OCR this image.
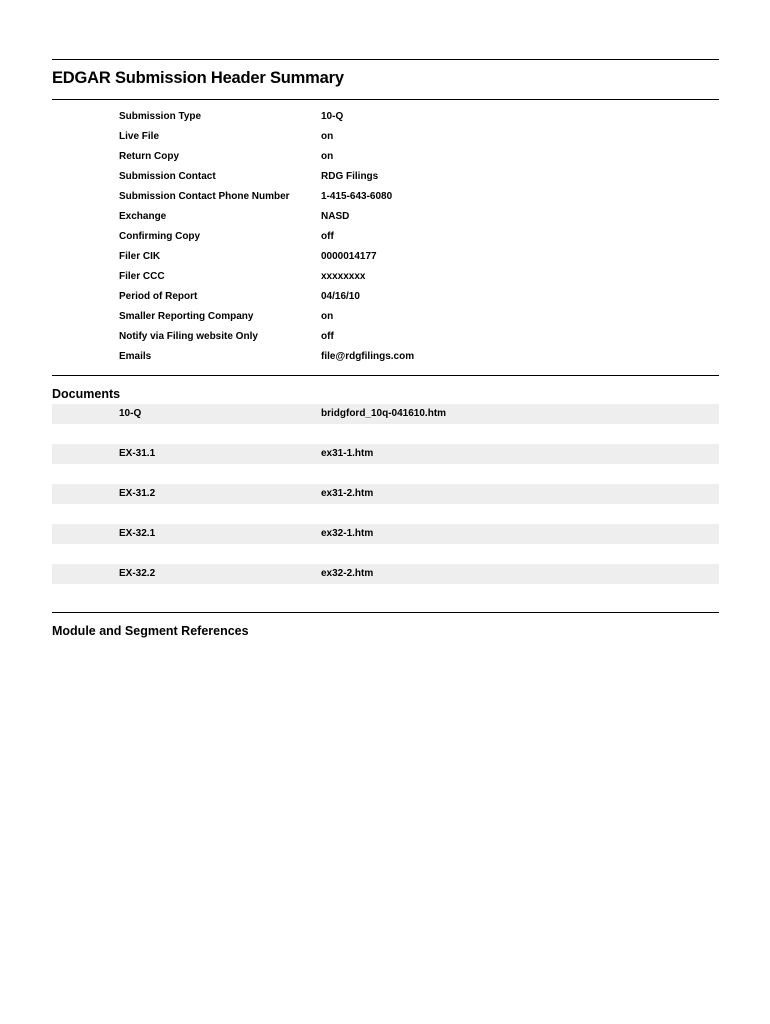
EDGAR Submission Header Summary
Submission Type	10-Q
Live File	on
Return Copy	on
Submission Contact	RDG Filings
Submission Contact Phone Number	1-415-643-6080
Exchange	NASD
Confirming Copy	off
Filer CIK	0000014177
Filer CCC	xxxxxxxx
Period of Report	04/16/10
Smaller Reporting Company	on
Notify via Filing website Only	off
Emails	file@rdgfilings.com
Documents
10-Q	bridgford_10q-041610.htm
EX-31.1	ex31-1.htm
EX-31.2	ex31-2.htm
EX-32.1	ex32-1.htm
EX-32.2	ex32-2.htm
Module and Segment References
